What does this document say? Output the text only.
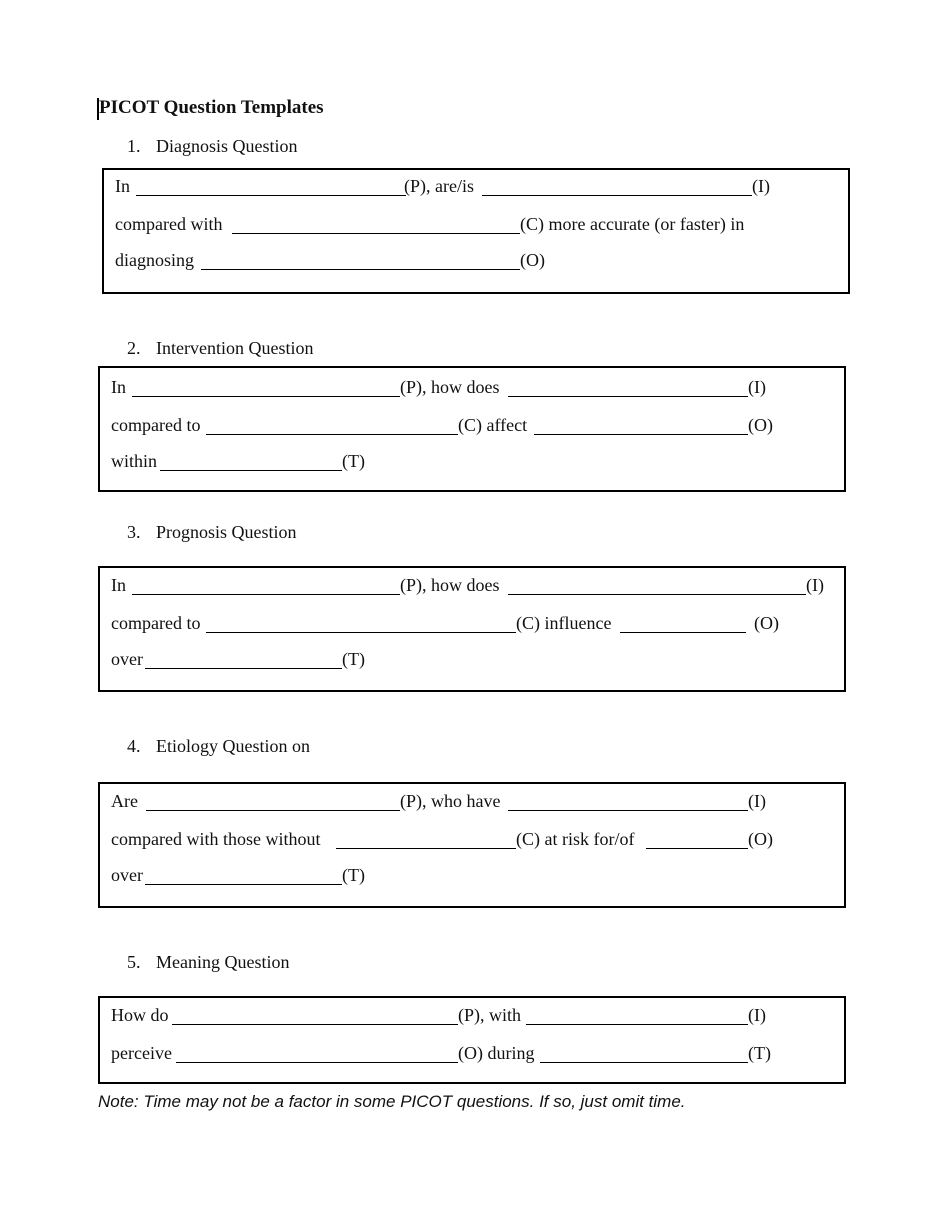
PICOT Question Templates
1. Diagnosis Question
In	(P), are/is	(I)
compared with	(C) more accurate (or faster) in
diagnosing	(O)
2. Intervention Question
In	(P), how does	(I)
compared to	(C) affect	(O)
within	(T)
3. Prognosis Question
In	(P), how does	(I)
compared to	(C) influence	(O)
over	(T)
4. Etiology Question on
Are	(P), who have	(I)
compared with those without	(C) at risk for/of	(O)
over	(T)
5. Meaning Question
How do	(P), with	(I)
perceive	(O) during	(T)
Note: Time may not be a factor in some PICOT questions. If so, just omit time.
